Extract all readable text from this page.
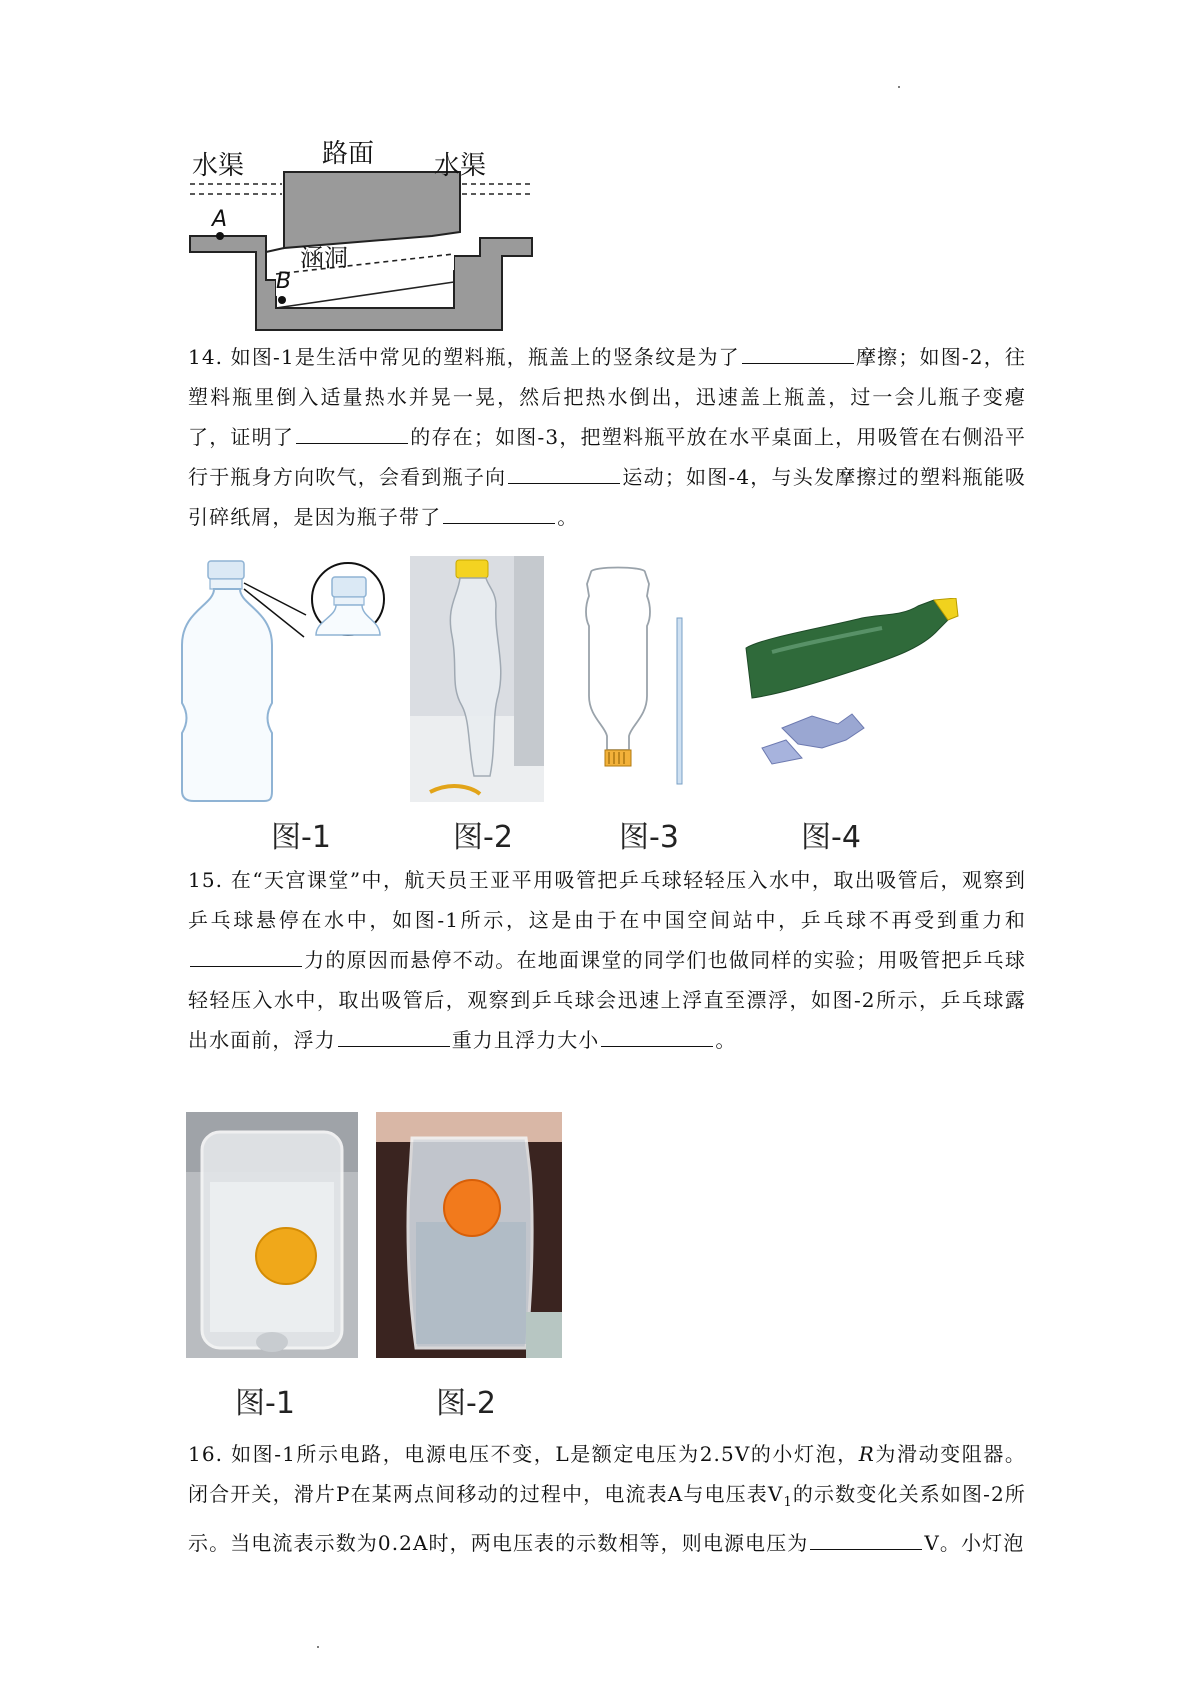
水渠	路面 水渠
涵洞
A
B
14. 如图-1是生活中常见的塑料瓶，瓶盖上的竖条纹是为了	摩擦；如图-2，往塑料瓶里倒入适量热水并晃一晃，然后把热水倒出，迅速盖上瓶盖，过一会儿瓶子变瘪了，证明了	的存在；如图-3，把塑料瓶平放在水平桌面上，用吸管在右侧沿平行于瓶身方向吹气，会看到瓶子向	运动；如图-4，与头发摩擦过的塑料瓶能吸引碎纸屑，是因为瓶子带了	。
图-1	图-2	图-3	图-4
15. 在“天宫课堂”中，航天员王亚平用吸管把乒乓球轻轻压入水中，取出吸管后，观察到乒乓球悬停在水中，如图-1所示，这是由于在中国空间站中，乒乓球不再受到重力和力的原因而悬停不动。在地面课堂的同学们也做同样的实验；用吸管把乒乓球轻轻压入水中，取出吸管后，观察到乒乓球会迅速上浮直至漂浮，如图-2所示，乒乓球露出水面前，浮力	重力且浮力大小	。
图-1	图-2
16. 如图-1所示电路，电源电压不变，L是额定电压为2.5V的小灯泡，R为滑动变阻器。闭合开关，滑片P在某两点间移动的过程中，电流表A与电压表$V_1$的示数变化关系如图-2所示。当电流表示数为0.2A时，两电压表的示数相等，则电源电压为	V。小灯泡
